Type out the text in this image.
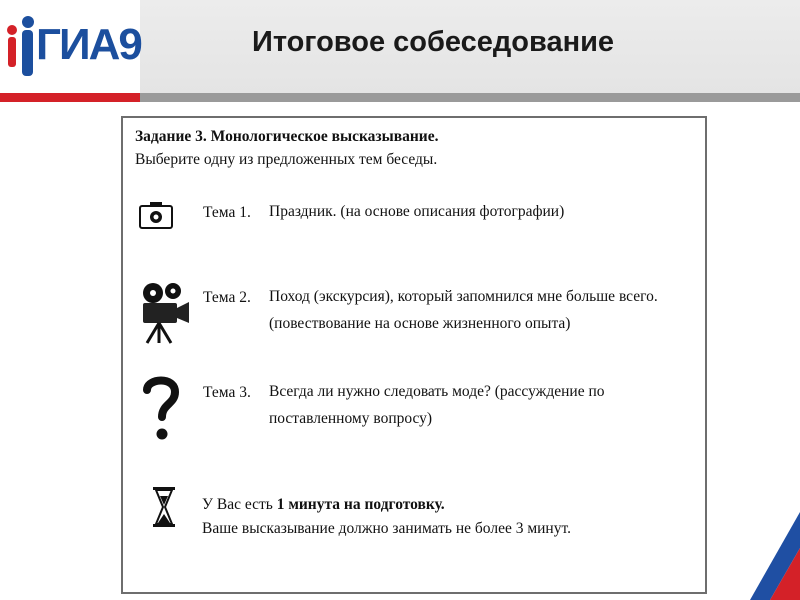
ГИА9	Итоговое собеседование
Задание 3. Монологическое высказывание.
Выберите одну из предложенных тем беседы.
Тема 1. Праздник. (на основе описания фотографии)
Тема 2. Поход (экскурсия), который запомнился мне больше всего.
(повествование на основе жизненного опыта)
Тема 3. Всегда ли нужно следовать моде? (рассуждение по
поставленному вопросу)
У Вас есть 1 минута на подготовку.
Ваше высказывание должно занимать не более 3 минут.
